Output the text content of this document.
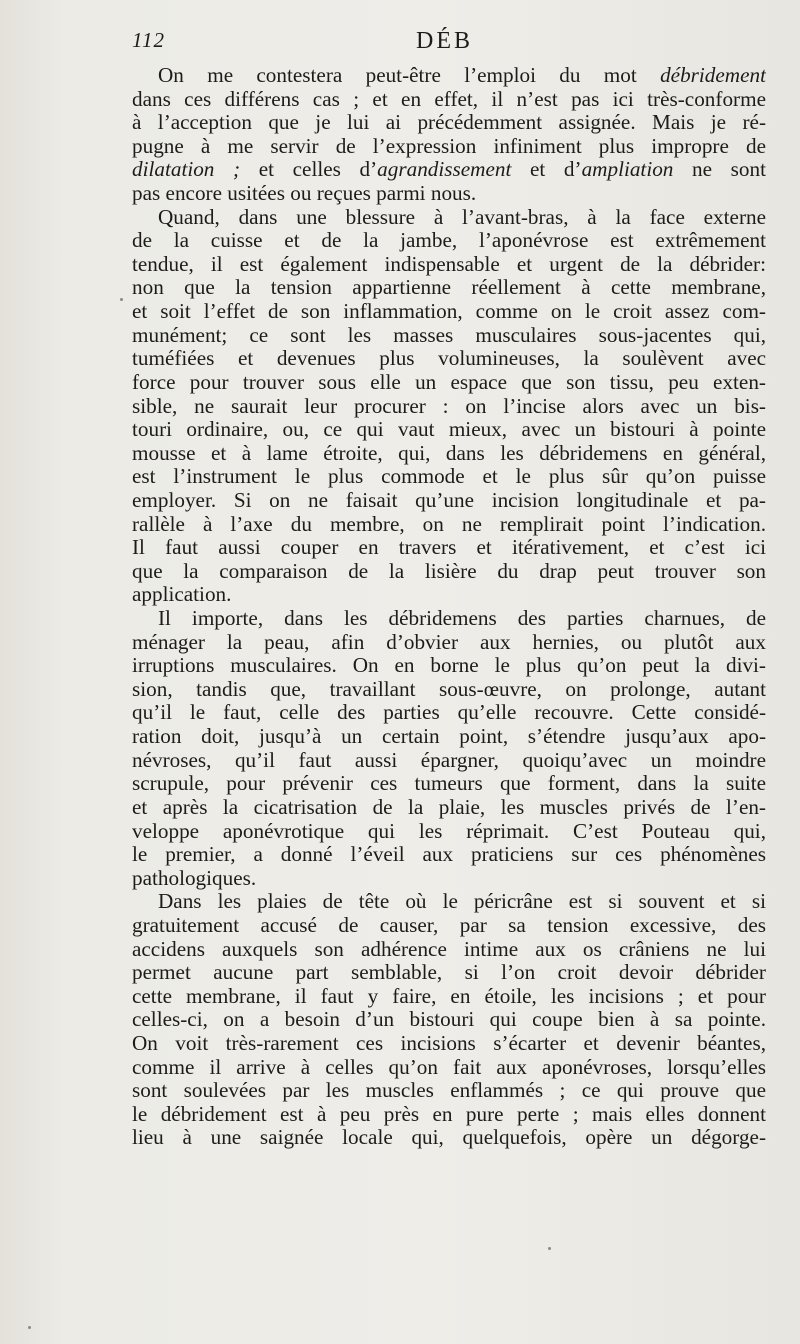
112	DÉB
On me contestera peut-être l’emploi du mot débridement
dans ces différens cas ; et en effet, il n’est pas ici très-conforme
à l’acception que je lui ai précédemment assignée. Mais je ré-
pugne à me servir de l’expression infiniment plus impropre de
dilatation ; et celles d’agrandissement et d’ampliation ne sont
pas encore usitées ou reçues parmi nous.
Quand, dans une blessure à l’avant-bras, à la face externe
de la cuisse et de la jambe, l’aponévrose est extrêmement
tendue, il est également indispensable et urgent de la débrider:
non que la tension appartienne réellement à cette membrane,
et soit l’effet de son inflammation, comme on le croit assez com-
munément; ce sont les masses musculaires sous-jacentes qui,
tuméfiées et devenues plus volumineuses, la soulèvent avec
force pour trouver sous elle un espace que son tissu, peu exten-
sible, ne saurait leur procurer : on l’incise alors avec un bis-
touri ordinaire, ou, ce qui vaut mieux, avec un bistouri à pointe
mousse et à lame étroite, qui, dans les débridemens en général,
est l’instrument le plus commode et le plus sûr qu’on puisse
employer. Si on ne faisait qu’une incision longitudinale et pa-
rallèle à l’axe du membre, on ne remplirait point l’indication.
Il faut aussi couper en travers et itérativement, et c’est ici
que la comparaison de la lisière du drap peut trouver son
application.
Il importe, dans les débridemens des parties charnues, de
ménager la peau, afin d’obvier aux hernies, ou plutôt aux
irruptions musculaires. On en borne le plus qu’on peut la divi-
sion, tandis que, travaillant sous-œuvre, on prolonge, autant
qu’il le faut, celle des parties qu’elle recouvre. Cette considé-
ration doit, jusqu’à un certain point, s’étendre jusqu’aux apo-
névroses, qu’il faut aussi épargner, quoiqu’avec un moindre
scrupule, pour prévenir ces tumeurs que forment, dans la suite
et après la cicatrisation de la plaie, les muscles privés de l’en-
veloppe aponévrotique qui les réprimait. C’est Pouteau qui,
le premier, a donné l’éveil aux praticiens sur ces phénomènes
pathologiques.
Dans les plaies de tête où le péricrâne est si souvent et si
gratuitement accusé de causer, par sa tension excessive, des
accidens auxquels son adhérence intime aux os crâniens ne lui
permet aucune part semblable, si l’on croit devoir débrider
cette membrane, il faut y faire, en étoile, les incisions ; et pour
celles-ci, on a besoin d’un bistouri qui coupe bien à sa pointe.
On voit très-rarement ces incisions s’écarter et devenir béantes,
comme il arrive à celles qu’on fait aux aponévroses, lorsqu’elles
sont soulevées par les muscles enflammés ; ce qui prouve que
le débridement est à peu près en pure perte ; mais elles donnent
lieu à une saignée locale qui, quelquefois, opère un dégorge-
